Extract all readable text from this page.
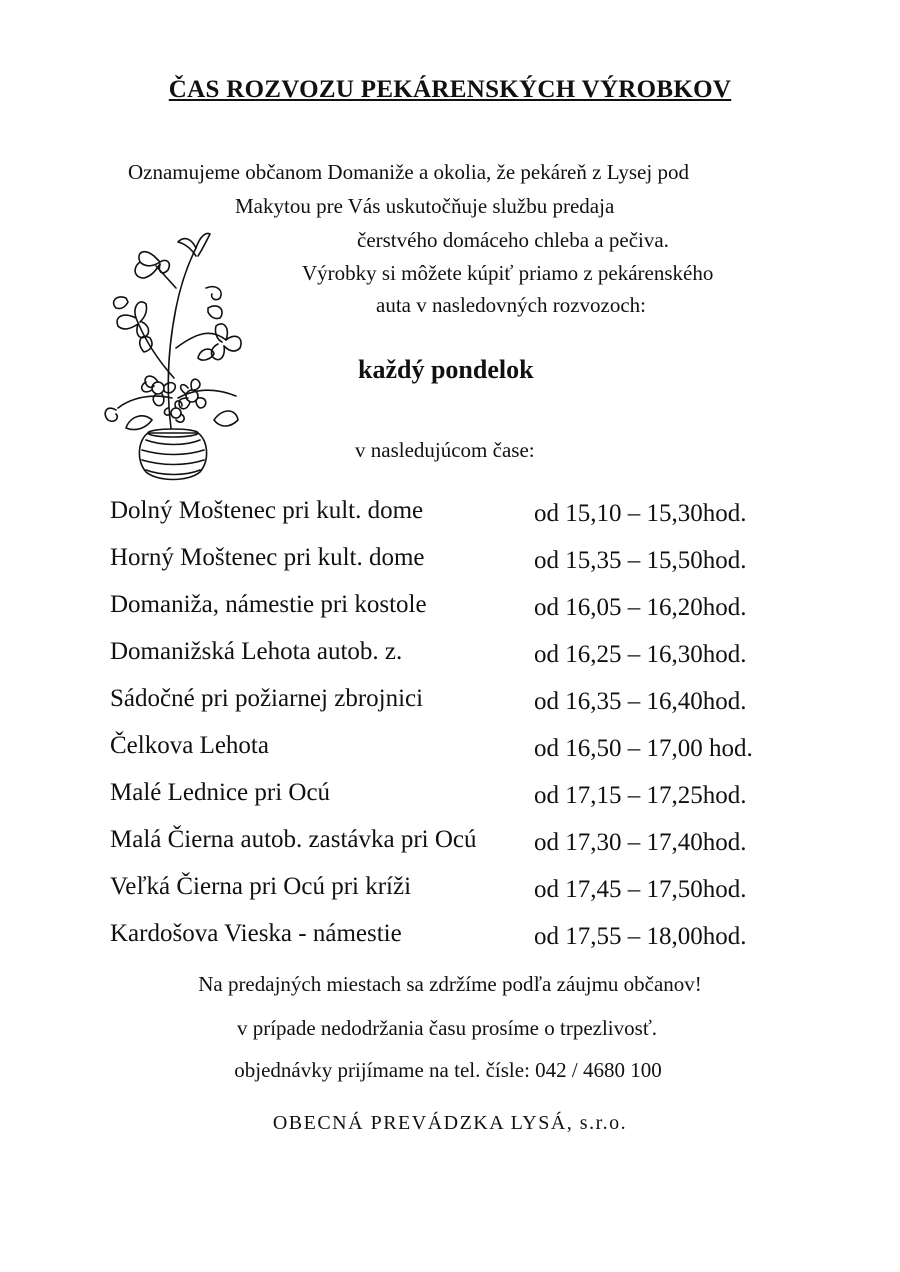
ČAS ROZVOZU PEKÁRENSKÝCH VÝROBKOV
Oznamujeme občanom Domaniže a okolia, že pekáreň z Lysej pod
Makytou pre Vás uskutočňuje službu predaja
čerstvého domáceho chleba a pečiva.
Výrobky si môžete kúpiť priamo z pekárenského
auta v nasledovných rozvozoch:
každý pondelok
v nasledujúcom čase:
Dolný Moštenec pri kult. dome	od 15,10 – 15,30hod.
Horný Moštenec pri kult. dome	od 15,35 – 15,50hod.
Domaniža, námestie pri kostole	od 16,05 – 16,20hod.
Domanižská Lehota autob. z.	od 16,25 – 16,30hod.
Sádočné pri požiarnej zbrojnici	od 16,35 – 16,40hod.
Čelkova Lehota	od 16,50 – 17,00 hod.
Malé Lednice pri Ocú	od 17,15 – 17,25hod.
Malá Čierna autob. zastávka pri Ocú od 17,30 – 17,40hod.
Veľká Čierna pri Ocú pri kríži	od 17,45 – 17,50hod.
Kardošova Vieska - námestie	od 17,55 – 18,00hod.
Na predajných miestach sa zdržíme podľa záujmu občanov!
v prípade nedodržania času prosíme o trpezlivosť.
objednávky prijímame na tel. čísle: 042 / 4680 100
OBECNÁ PREVÁDZKA LYSÁ, s.r.o.
